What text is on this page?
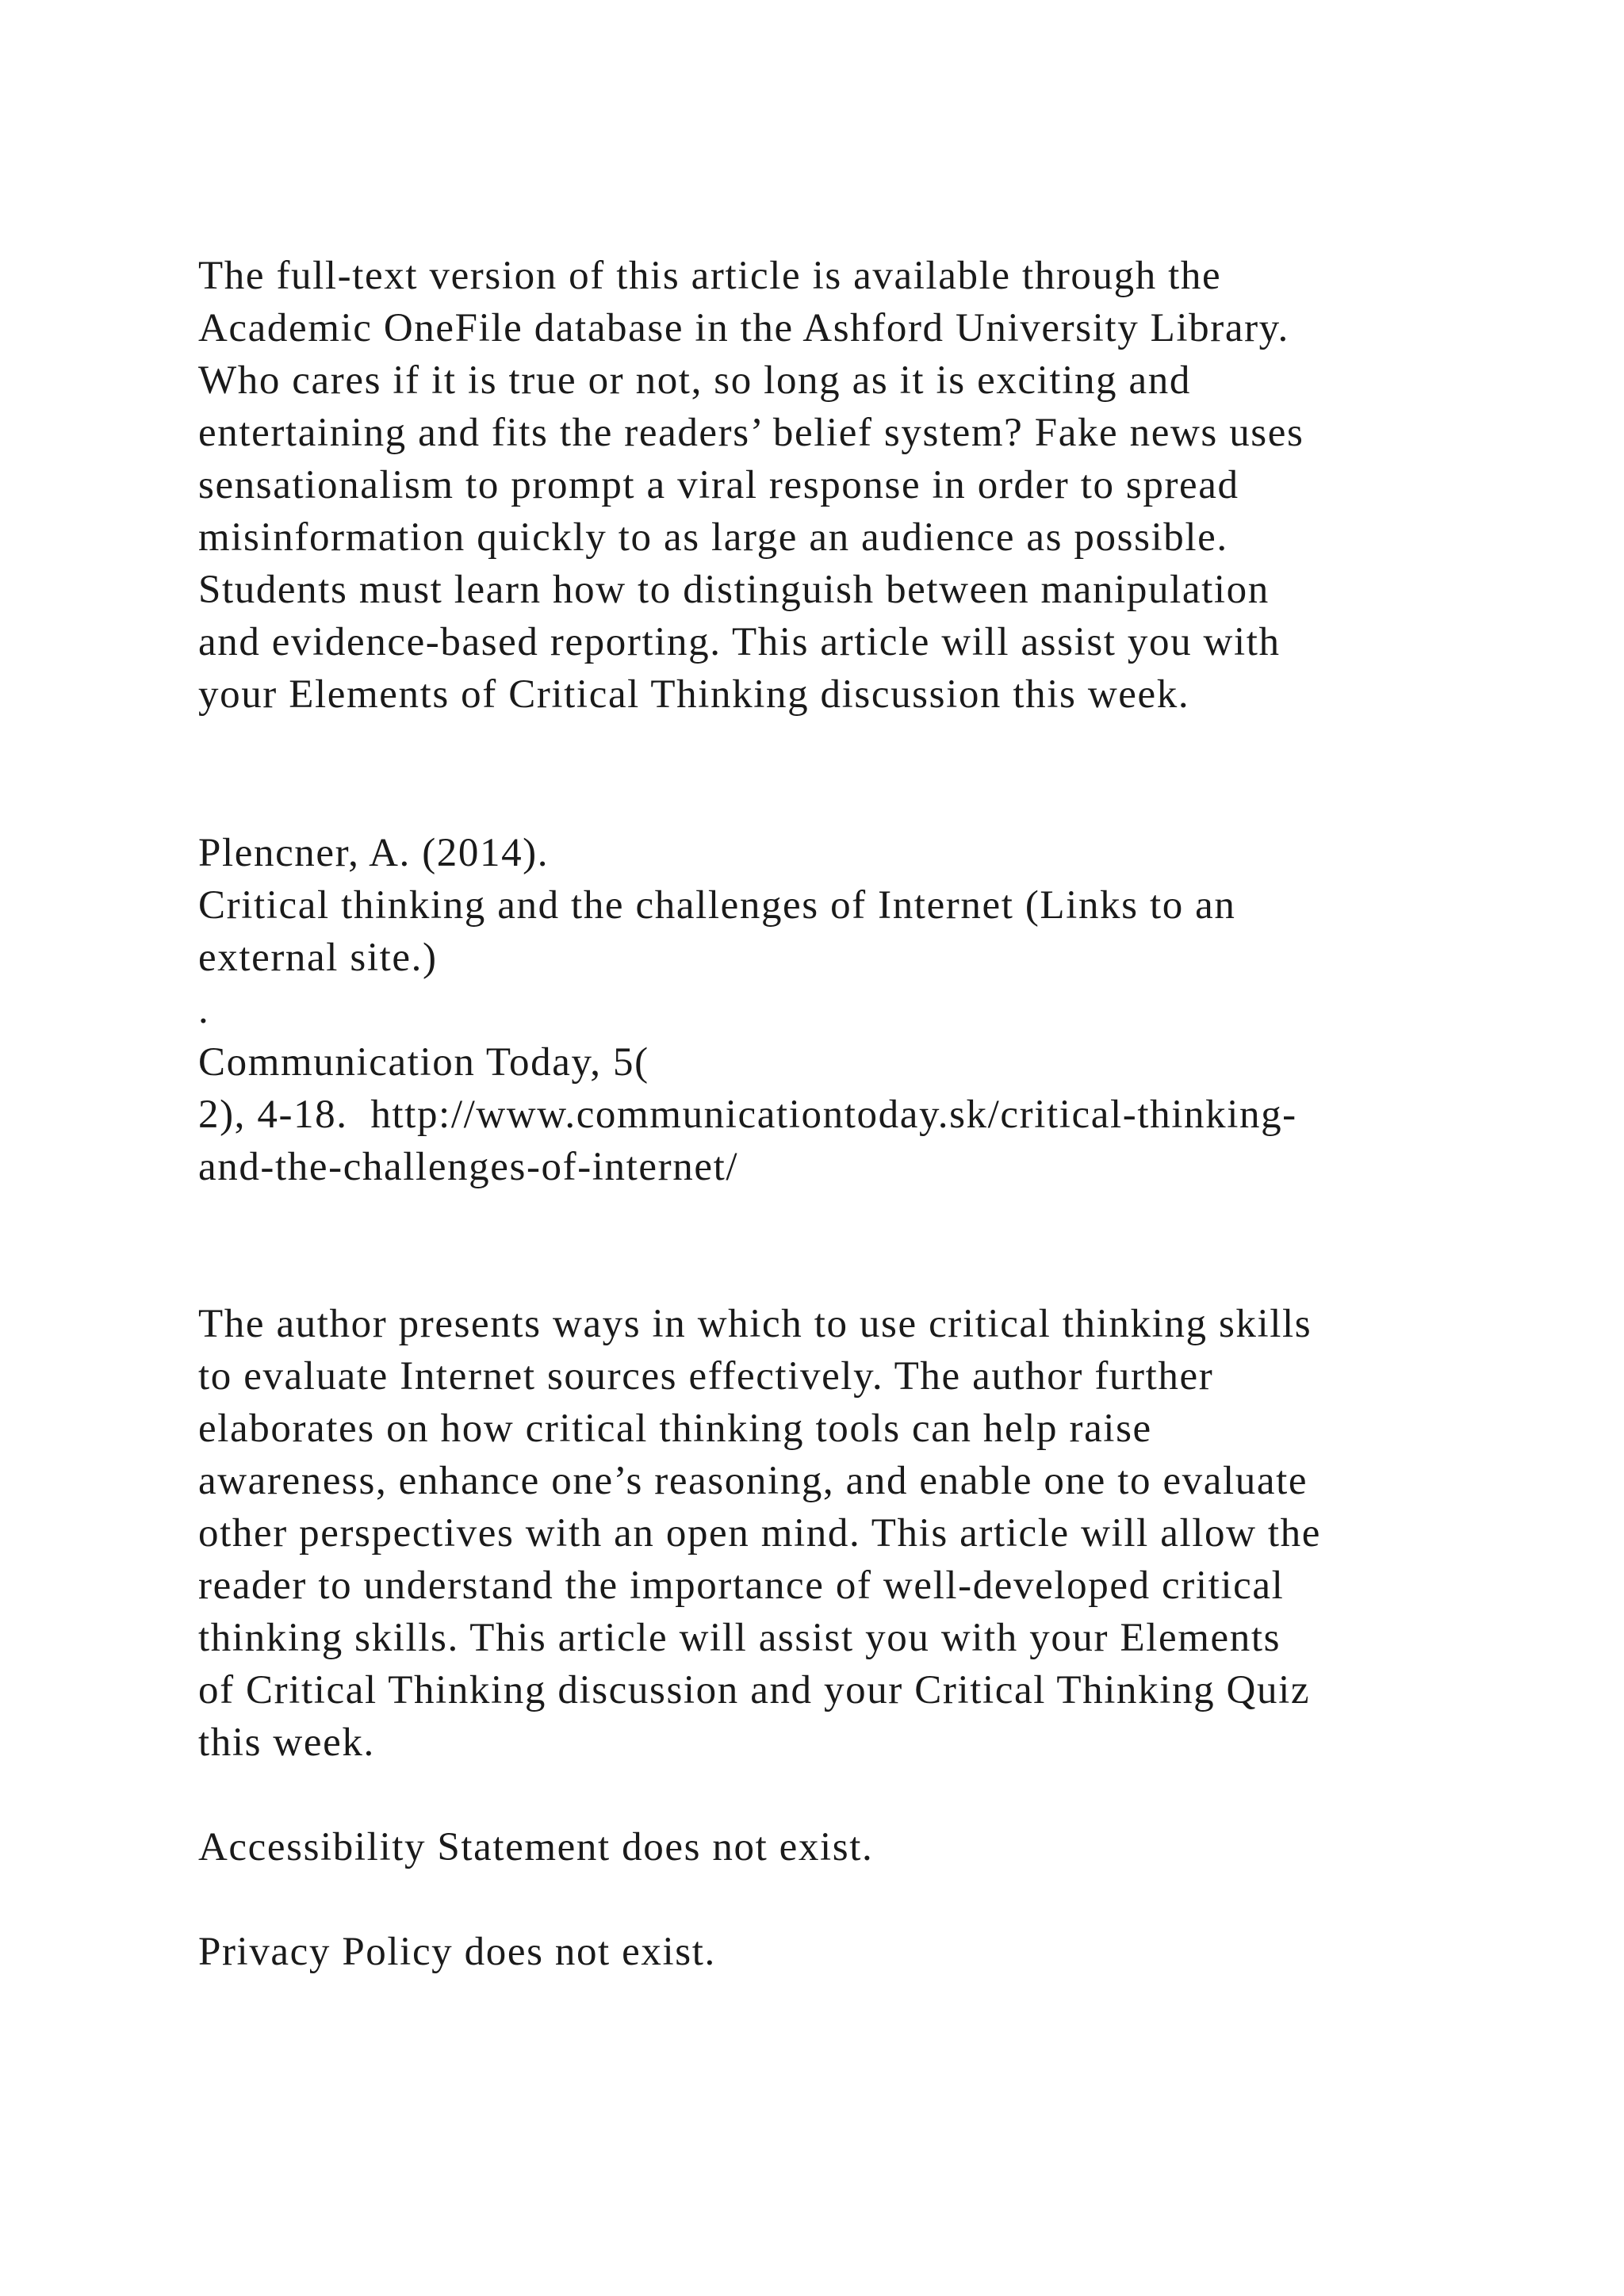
The full-text version of this article is available through the

Academic OneFile database in the Ashford University Library.

Who cares if it is true or not, so long as it is exciting and

entertaining and fits the readers’ belief system? Fake news uses

sensationalism to prompt a viral response in order to spread

misinformation quickly to as large an audience as possible.

Students must learn how to distinguish between manipulation

and evidence-based reporting. This article will assist you with

your Elements of Critical Thinking discussion this week.

Plencner, A. (2014).

Critical thinking and the challenges of Internet (Links to an

external site.)

.

Communication Today, 5(

2), 4-18.  http://www.communicationtoday.sk/critical-thinking-

and-the-challenges-of-internet/

The author presents ways in which to use critical thinking skills

to evaluate Internet sources effectively. The author further

elaborates on how critical thinking tools can help raise

awareness, enhance one’s reasoning, and enable one to evaluate

other perspectives with an open mind. This article will allow the

reader to understand the importance of well-developed critical

thinking skills. This article will assist you with your Elements

of Critical Thinking discussion and your Critical Thinking Quiz

this week.

Accessibility Statement does not exist.

Privacy Policy does not exist.
